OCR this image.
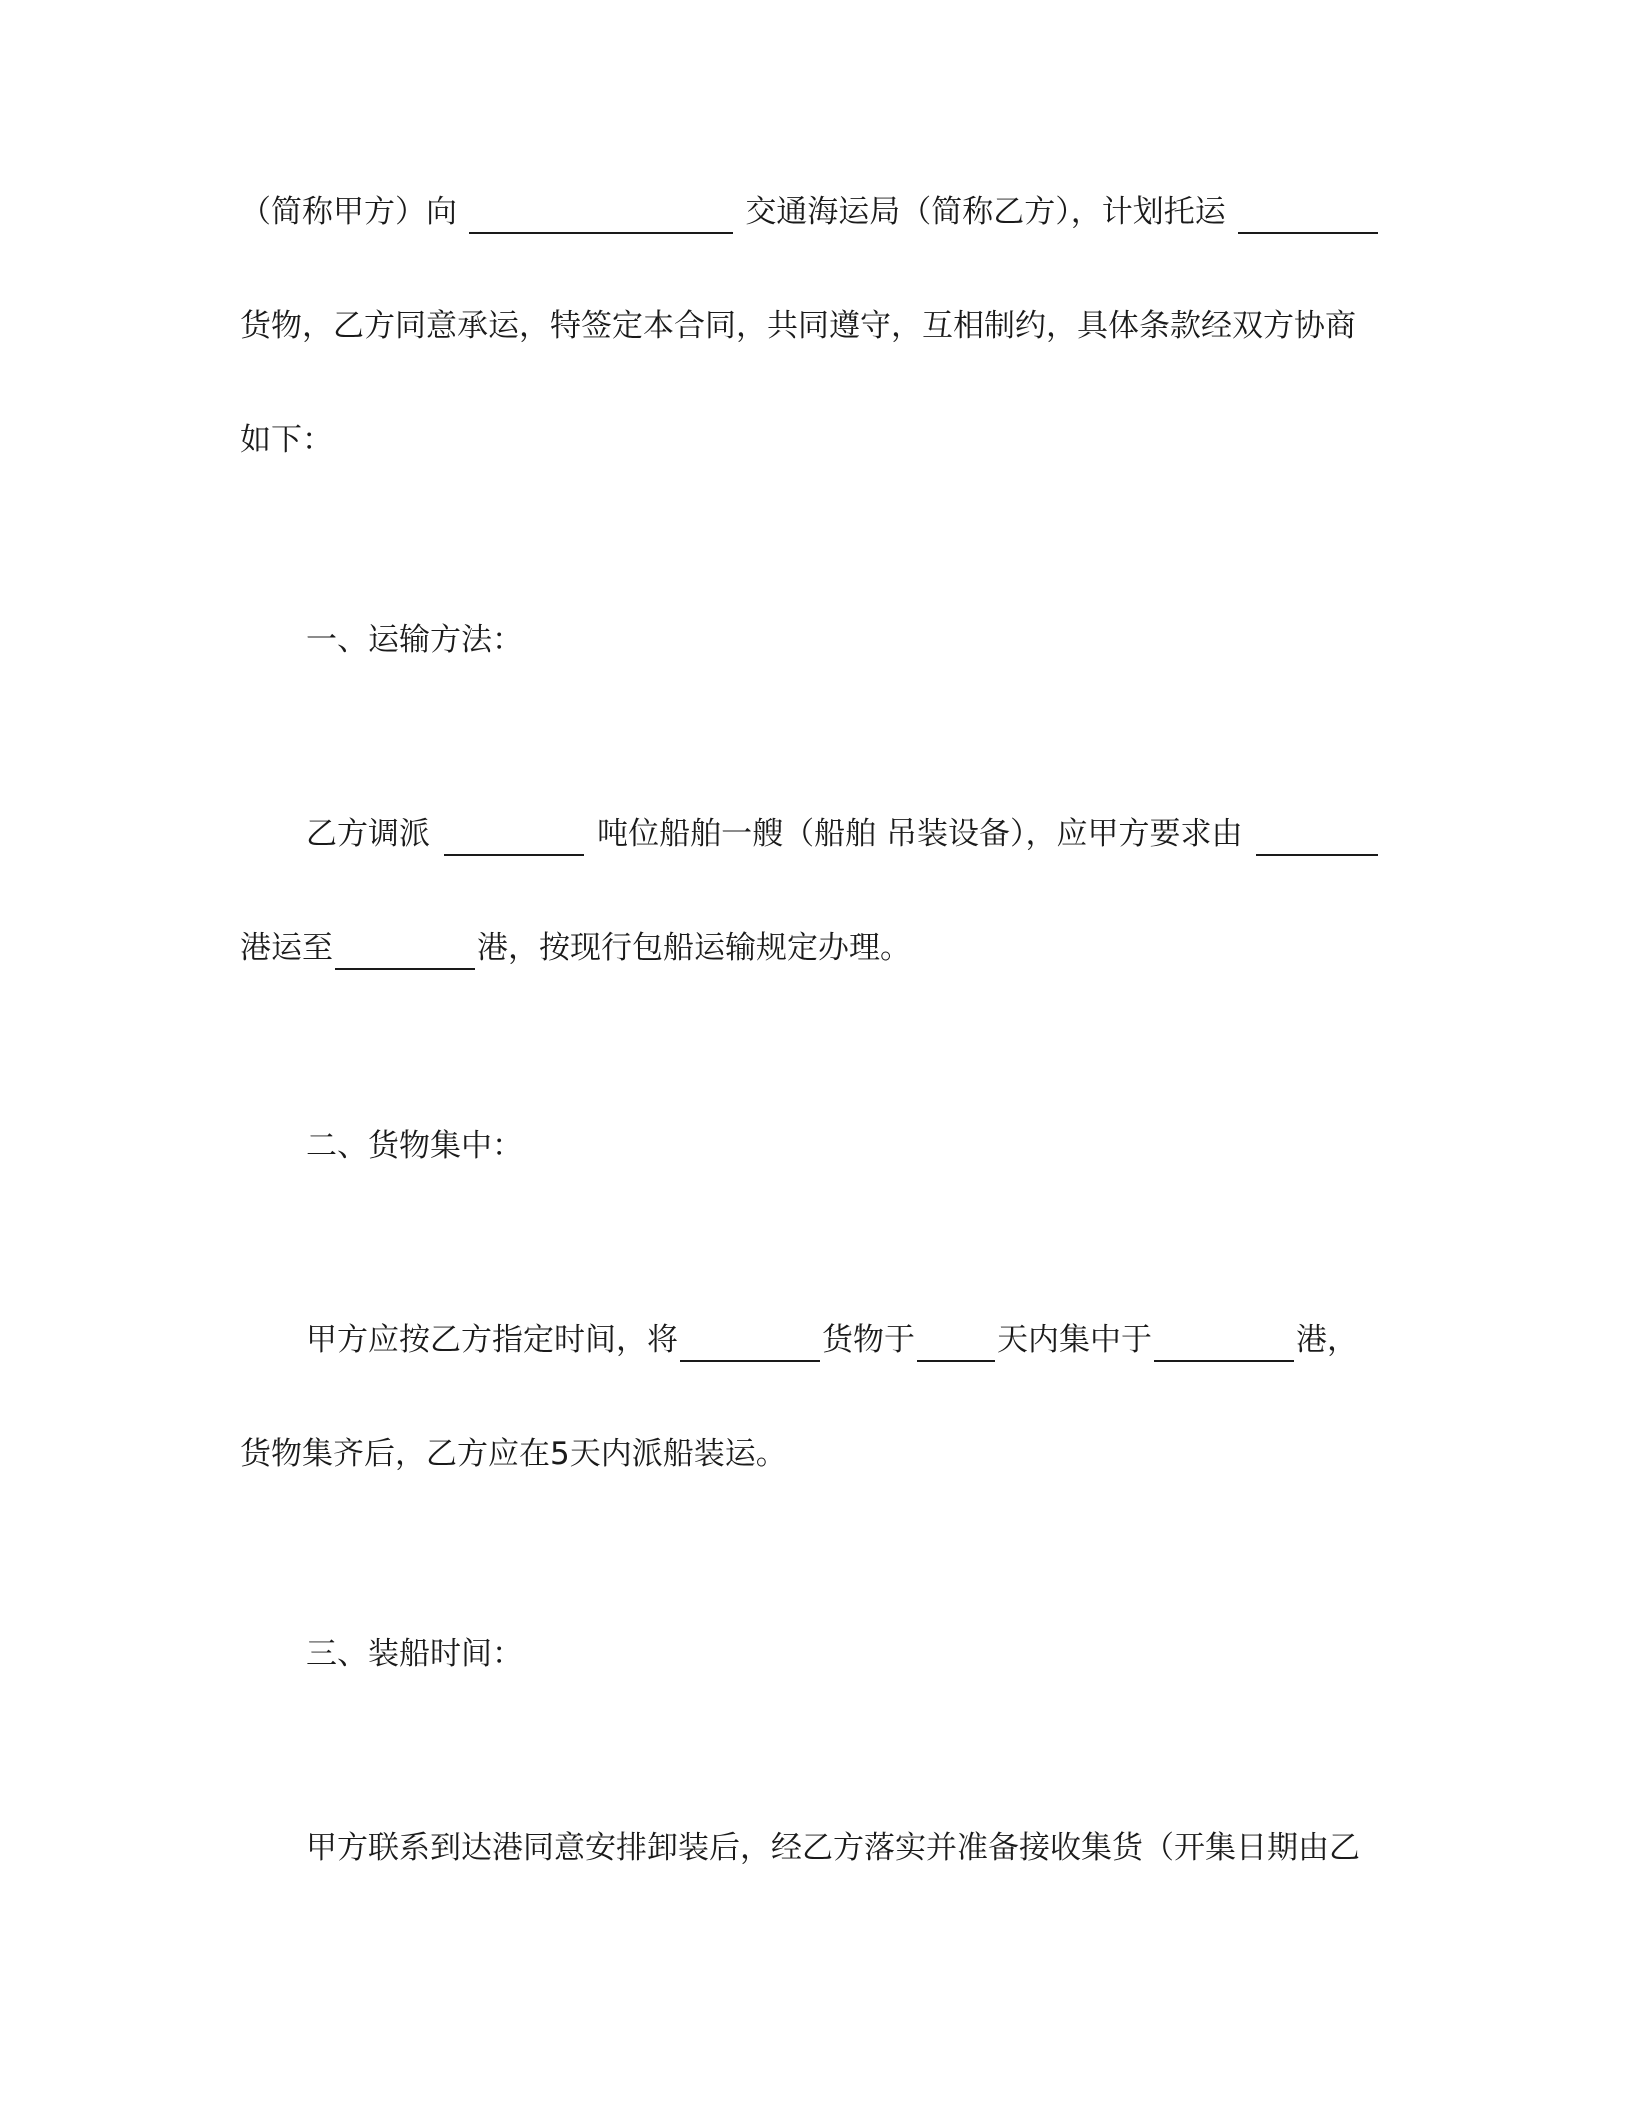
（简称甲方）向	交通海运局（简称乙方），计划托运
货物，乙方同意承运，特签定本合同，共同遵守，互相制约，具体条款经双方协商
如下：
一、运输方法：
乙方调派	吨位船舶一艘（船舶 吊装设备），应甲方要求由
港运至	港，按现行包船运输规定办理。
二、货物集中：
甲方应按乙方指定时间，将	货物于	天内集中于	港，
货物集齐后，乙方应在5天内派船装运。
三、装船时间：
甲方联系到达港同意安排卸装后，经乙方落实并准备接收集货（开集日期由乙
